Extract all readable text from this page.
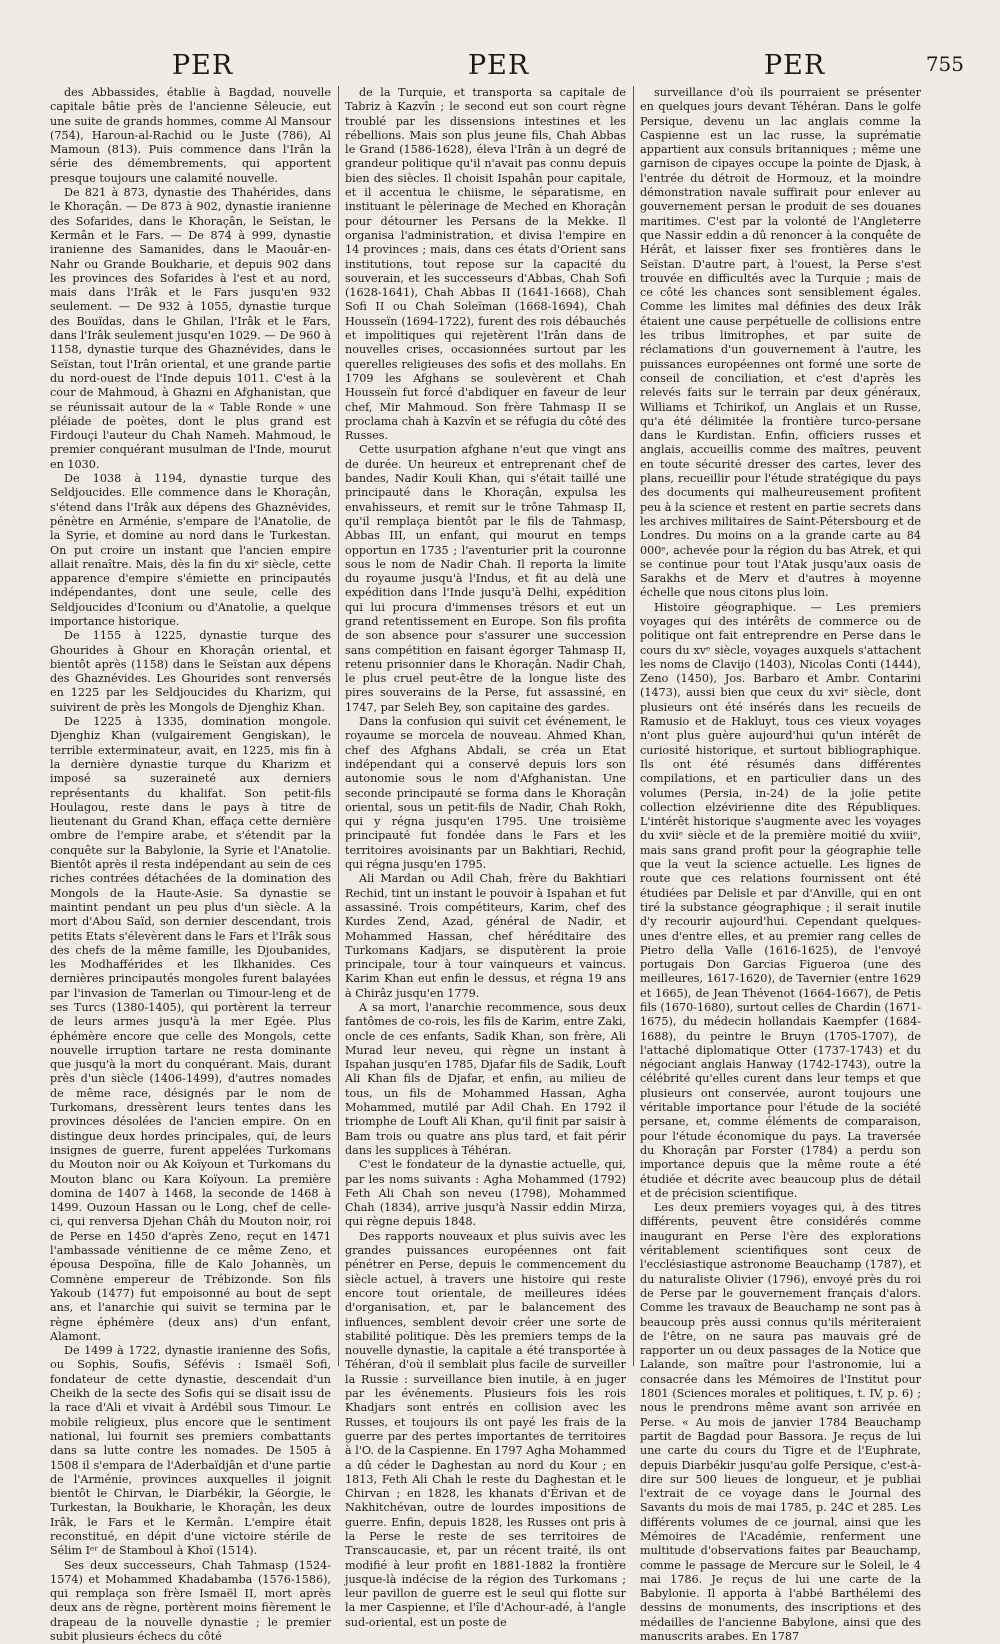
PER	PER	PER	755

des Abbassides, établie à Bagdad, nouvelle capitale bâtie près de l'ancienne Séleucie, eut une suite de grands hommes, comme Al Mansour (754), Haroun-al-Rachid ou le Juste (786), Al Mamoun (813). Puis commence dans l'Irân la série des démembrements, qui apportent presque toujours une calamité nouvelle.

De 821 à 873, dynastie des Thahérides, dans le Khoraçân. — De 873 à 902, dynastie iranienne des Sofarides, dans le Khoraçân, le Seïstan, le Kermân et le Fars. — De 874 à 999, dynastie iranienne des Samanides, dans le Maouâr-en-Nahr ou Grande Boukharie, et depuis 902 dans les provinces des Sofarides à l'est et au nord, mais dans l'Irâk et le Fars jusqu'en 932 seulement. — De 932 à 1055, dynastie turque des Bouïdas, dans le Ghilan, l'Irâk et le Fars, dans l'Irâk seulement jusqu'en 1029. — De 960 à 1158, dynastie turque des Ghaznévides, dans le Seïstan, tout l'Irân oriental, et une grande partie du nord-ouest de l'Inde depuis 1011. C'est à la cour de Mahmoud, à Ghazni en Afghanistan, que se réunissait autour de la « Table Ronde » une pléiade de poètes, dont le plus grand est Firdouçi l'auteur du Chah Nameh. Mahmoud, le premier conquérant musulman de l'Inde, mourut en 1030.

De 1038 à 1194, dynastie turque des Seldjoucides. Elle commence dans le Khoraçân, s'étend dans l'Irâk aux dépens des Ghaznévides, pénètre en Arménie, s'empare de l'Anatolie, de la Syrie, et domine au nord dans le Turkestan. On put croire un instant que l'ancien empire allait renaître. Mais, dès la fin du xiᵉ siècle, cette apparence d'empire s'émiette en principautés indépendantes, dont une seule, celle des Seldjoucides d'Iconium ou d'Anatolie, a quelque importance historique.

De 1155 à 1225, dynastie turque des Ghourides à Ghour en Khoraçân oriental, et bientôt après (1158) dans le Seïstan aux dépens des Ghaznévides. Les Ghourides sont renversés en 1225 par les Seldjoucides du Kharizm, qui suivirent de près les Mongols de Djenghiz Khan.

De 1225 à 1335, domination mongole. Djenghiz Khan (vulgairement Gengiskan), le terrible exterminateur, avait, en 1225, mis fin à la dernière dynastie turque du Kharizm et imposé sa suzeraineté aux derniers représentants du khalifat. Son petit-fils Houlagou, reste dans le pays à titre de lieutenant du Grand Khan, effaça cette dernière ombre de l'empire arabe, et s'étendit par la conquête sur la Babylonie, la Syrie et l'Anatolie. Bientôt après il resta indépendant au sein de ces riches contrées détachées de la domination des Mongols de la Haute-Asie. Sa dynastie se maintint pendant un peu plus d'un siècle. A la mort d'Abou Saïd, son dernier descendant, trois petits Etats s'élevèrent dans le Fars et l'Irâk sous des chefs de la même famille, les Djoubanides, les Modhafférides et les Ilkhanides. Ces dernières principautés mongoles furent balayées par l'invasion de Tamerlan ou Timour-leng et de ses Turcs (1380-1405), qui portèrent la terreur de leurs armes jusqu'à la mer Egée. Plus éphémère encore que celle des Mongols, cette nouvelle irruption tartare ne resta dominante que jusqu'à la mort du conquérant. Mais, durant près d'un siècle (1406-1499), d'autres nomades de même race, désignés par le nom de Turkomans, dressèrent leurs tentes dans les provinces désolées de l'ancien empire. On en distingue deux hordes principales, qui, de leurs insignes de guerre, furent appelées Turkomans du Mouton noir ou Ak Koïyoun et Turkomans du Mouton blanc ou Kara Koïyoun. La première domina de 1407 à 1468, la seconde de 1468 à 1499. Ouzoun Hassan ou le Long, chef de celle-ci, qui renversa Djehan Châh du Mouton noir, roi de Perse en 1450 d'après Zeno, reçut en 1471 l'ambassade vénitienne de ce même Zeno, et épousa Despoïna, fille de Kalo Johannès, un Comnène empereur de Trébizonde. Son fils Yakoub (1477) fut empoisonné au bout de sept ans, et l'anarchie qui suivit se termina par le règne éphémère (deux ans) d'un enfant, Alamont.

De 1499 à 1722, dynastie iranienne des Sofis, ou Sophis, Soufis, Séfévis : Ismaël Sofi, fondateur de cette dynastie, descendait d'un Cheikh de la secte des Sofis qui se disait issu de la race d'Ali et vivait à Ardébil sous Timour. Le mobile religieux, plus encore que le sentiment national, lui fournit ses premiers combattants dans sa lutte contre les nomades. De 1505 à 1508 il s'empara de l'Aderbaïdjân et d'une partie de l'Arménie, provinces auxquelles il joignit bientôt le Chirvan, le Diarbékir, la Géorgie, le Turkestan, la Boukharie, le Khoraçân, les deux Irâk, le Fars et le Kermân. L'empire était reconstitué, en dépit d'une victoire stérile de Sélim Iᵉʳ de Stamboul à Khoï (1514).

Ses deux successeurs, Chah Tahmasp (1524-1574) et Mohammed Khadabamba (1576-1586), qui remplaça son frère Ismaël II, mort après deux ans de règne, portèrent moins fièrement le drapeau de la nouvelle dynastie ; le premier subit plusieurs échecs du côté

de la Turquie, et transporta sa capitale de Tabriz à Kazvîn ; le second eut son court règne troublé par les dissensions intestines et les rébellions. Mais son plus jeune fils, Chah Abbas le Grand (1586-1628), éleva l'Irân à un degré de grandeur politique qu'il n'avait pas connu depuis bien des siècles. Il choisit Ispahân pour capitale, et il accentua le chiisme, le séparatisme, en instituant le pèlerinage de Meched en Khoraçân pour détourner les Persans de la Mekke. Il organisa l'administration, et divisa l'empire en 14 provinces ; mais, dans ces états d'Orient sans institutions, tout repose sur la capacité du souverain, et les successeurs d'Abbas, Chah Sofi (1628-1641), Chah Abbas II (1641-1668), Chah Sofi II ou Chah Soleïman (1668-1694), Chah Housseïn (1694-1722), furent des rois débauchés et impolitiques qui rejetèrent l'Irân dans de nouvelles crises, occasionnées surtout par les querelles religieuses des sofis et des mollahs. En 1709 les Afghans se soulevèrent et Chah Housseïn fut forcé d'abdiquer en faveur de leur chef, Mir Mahmoud. Son frère Tahmasp II se proclama chah à Kazvîn et se réfugia du côté des Russes.

Cette usurpation afghane n'eut que vingt ans de durée. Un heureux et entreprenant chef de bandes, Nadir Kouli Khan, qui s'était taillé une principauté dans le Khoraçân, expulsa les envahisseurs, et remit sur le trône Tahmasp II, qu'il remplaça bientôt par le fils de Tahmasp, Abbas III, un enfant, qui mourut en temps opportun en 1735 ; l'aventurier prit la couronne sous le nom de Nadir Chah. Il reporta la limite du royaume jusqu'à l'Indus, et fit au delà une expédition dans l'Inde jusqu'à Delhi, expédition qui lui procura d'immenses trésors et eut un grand retentissement en Europe. Son fils profita de son absence pour s'assurer une succession sans compétition en faisant égorger Tahmasp II, retenu prisonnier dans le Khoraçân. Nadir Chah, le plus cruel peut-être de la longue liste des pires souverains de la Perse, fut assassiné, en 1747, par Seleh Bey, son capitaine des gardes.

Dans la confusion qui suivit cet événement, le royaume se morcela de nouveau. Ahmed Khan, chef des Afghans Abdali, se créa un Etat indépendant qui a conservé depuis lors son autonomie sous le nom d'Afghanistan. Une seconde principauté se forma dans le Khoraçân oriental, sous un petit-fils de Nadir, Chah Rokh, qui y régna jusqu'en 1795. Une troisième principauté fut fondée dans le Fars et les territoires avoisinants par un Bakhtiari, Rechid, qui régna jusqu'en 1795.

Ali Mardan ou Adil Chah, frère du Bakhtiari Rechid, tint un instant le pouvoir à Ispahan et fut assassiné. Trois compétiteurs, Karim, chef des Kurdes Zend, Azad, général de Nadir, et Mohammed Hassan, chef héréditaire des Turkomans Kadjars, se disputèrent la proie principale, tour à tour vainqueurs et vaincus. Karim Khan eut enfin le dessus, et régna 19 ans à Chirâz jusqu'en 1779.

A sa mort, l'anarchie recommence, sous deux fantômes de co-rois, les fils de Karim, entre Zaki, oncle de ces enfants, Sadik Khan, son frère, Ali Murad leur neveu, qui règne un instant à Ispahan jusqu'en 1785, Djafar fils de Sadik, Louft Ali Khan fils de Djafar, et enfin, au milieu de tous, un fils de Mohammed Hassan, Agha Mohammed, mutilé par Adil Chah. En 1792 il triomphe de Louft Ali Khan, qu'il finit par saisir à Bam trois ou quatre ans plus tard, et fait périr dans les supplices à Téhéran.

C'est le fondateur de la dynastie actuelle, qui, par les noms suivants : Agha Mohammed (1792) Feth Ali Chah son neveu (1798), Mohammed Chah (1834), arrive jusqu'à Nassir eddin Mirza, qui règne depuis 1848.

Des rapports nouveaux et plus suivis avec les grandes puissances européennes ont fait pénétrer en Perse, depuis le commencement du siècle actuel, à travers une histoire qui reste encore tout orientale, de meilleures idées d'organisation, et, par le balancement des influences, semblent devoir créer une sorte de stabilité politique. Dès les premiers temps de la nouvelle dynastie, la capitale a été transportée à Téhéran, d'où il semblait plus facile de surveiller la Russie : surveillance bien inutile, à en juger par les événements. Plusieurs fois les rois Khadjars sont entrés en collision avec les Russes, et toujours ils ont payé les frais de la guerre par des pertes importantes de territoires à l'O. de la Caspienne. En 1797 Agha Mohammed a dû céder le Daghestan au nord du Kour ; en 1813, Feth Ali Chah le reste du Daghestan et le Chirvan ; en 1828, les khanats d'Érivan et de Nakhitchévan, outre de lourdes impositions de guerre. Enfin, depuis 1828, les Russes ont pris à la Perse le reste de ses territoires de Transcaucasie, et, par un récent traité, ils ont modifié à leur profit en 1881-1882 la frontière jusque-là indécise de la région des Turkomans ; leur pavillon de guerre est le seul qui flotte sur la mer Caspienne, et l'île d'Achour-adé, à l'angle sud-oriental, est un poste de

surveillance d'où ils pourraient se présenter en quelques jours devant Téhéran. Dans le golfe Persique, devenu un lac anglais comme la Caspienne est un lac russe, la suprématie appartient aux consuls britanniques ; même une garnison de cipayes occupe la pointe de Djask, à l'entrée du détroit de Hormouz, et la moindre démonstration navale suffirait pour enlever au gouvernement persan le produit de ses douanes maritimes. C'est par la volonté de l'Angleterre que Nassir eddin a dû renoncer à la conquête de Hérât, et laisser fixer ses frontières dans le Seïstan. D'autre part, à l'ouest, la Perse s'est trouvée en difficultés avec la Turquie ; mais de ce côté les chances sont sensiblement égales. Comme les limites mal définies des deux Irâk étaient une cause perpétuelle de collisions entre les tribus limitrophes, et par suite de réclamations d'un gouvernement à l'autre, les puissances européennes ont formé une sorte de conseil de conciliation, et c'est d'après les relevés faits sur le terrain par deux généraux, Williams et Tchirikof, un Anglais et un Russe, qu'a été délimitée la frontière turco-persane dans le Kurdistan. Enfin, officiers russes et anglais, accueillis comme des maîtres, peuvent en toute sécurité dresser des cartes, lever des plans, recueillir pour l'étude stratégique du pays des documents qui malheureusement profitent peu à la science et restent en partie secrets dans les archives militaires de Saint-Pétersbourg et de Londres. Du moins on a la grande carte au 84 000ᵉ, achevée pour la région du bas Atrek, et qui se continue pour tout l'Atak jusqu'aux oasis de Sarakhs et de Merv et d'autres à moyenne échelle que nous citons plus loin.

Histoire géographique. — Les premiers voyages qui des intérêts de commerce ou de politique ont fait entreprendre en Perse dans le cours du xvᵉ siècle, voyages auxquels s'attachent les noms de Clavijo (1403), Nicolas Conti (1444), Zeno (1450), Jos. Barbaro et Ambr. Contarini (1473), aussi bien que ceux du xviᵉ siècle, dont plusieurs ont été insérés dans les recueils de Ramusio et de Hakluyt, tous ces vieux voyages n'ont plus guère aujourd'hui qu'un intérêt de curiosité historique, et surtout bibliographique. Ils ont été résumés dans différentes compilations, et en particulier dans un des volumes (Persia, in-24) de la jolie petite collection elzévirienne dite des Républiques. L'intérêt historique s'augmente avec les voyages du xviiᵉ siècle et de la première moitié du xviiiᵉ, mais sans grand profit pour la géographie telle que la veut la science actuelle. Les lignes de route que ces relations fournissent ont été étudiées par Delisle et par d'Anville, qui en ont tiré la substance géographique ; il serait inutile d'y recourir aujourd'hui. Cependant quelques-unes d'entre elles, et au premier rang celles de Pietro della Valle (1616-1625), de l'envoyé portugais Don Garcias Figueroa (une des meilleures, 1617-1620), de Tavernier (entre 1629 et 1665), de Jean Thévenot (1664-1667), de Petis fils (1670-1680), surtout celles de Chardin (1671-1675), du médecin hollandais Kaempfer (1684-1688), du peintre le Bruyn (1705-1707), de l'attaché diplomatique Otter (1737-1743) et du négociant anglais Hanway (1742-1743), outre la célébrité qu'elles curent dans leur temps et que plusieurs ont conservée, auront toujours une véritable importance pour l'étude de la société persane, et, comme éléments de comparaison, pour l'étude économique du pays. La traversée du Khoraçân par Forster (1784) a perdu son importance depuis que la même route a été étudiée et décrite avec beaucoup plus de détail et de précision scientifique.

Les deux premiers voyages qui, à des titres différents, peuvent être considérés comme inaugurant en Perse l'ère des explorations véritablement scientifiques sont ceux de l'ecclésiastique astronome Beauchamp (1787), et du naturaliste Olivier (1796), envoyé près du roi de Perse par le gouvernement français d'alors. Comme les travaux de Beauchamp ne sont pas à beaucoup près aussi connus qu'ils mériteraient de l'être, on ne saura pas mauvais gré de rapporter un ou deux passages de la Notice que Lalande, son maître pour l'astronomie, lui a consacrée dans les Mémoires de l'Institut pour 1801 (Sciences morales et politiques, t. IV, p. 6) ; nous le prendrons même avant son arrivée en Perse. « Au mois de janvier 1784 Beauchamp partit de Bagdad pour Bassora. Je reçus de lui une carte du cours du Tigre et de l'Euphrate, depuis Diarbékir jusqu'au golfe Persique, c'est-à-dire sur 500 lieues de longueur, et je publiai l'extrait de ce voyage dans le Journal des Savants du mois de mai 1785, p. 24C et 285. Les différents volumes de ce journal, ainsi que les Mémoires de l'Académie, renferment une multitude d'observations faites par Beauchamp, comme le passage de Mercure sur le Soleil, le 4 mai 1786. Je reçus de lui une carte de la Babylonie. Il apporta à l'abbé Barthélemi des dessins de monuments, des inscriptions et des médailles de l'ancienne Babylone, ainsi que des manuscrits arabes. En 1787
